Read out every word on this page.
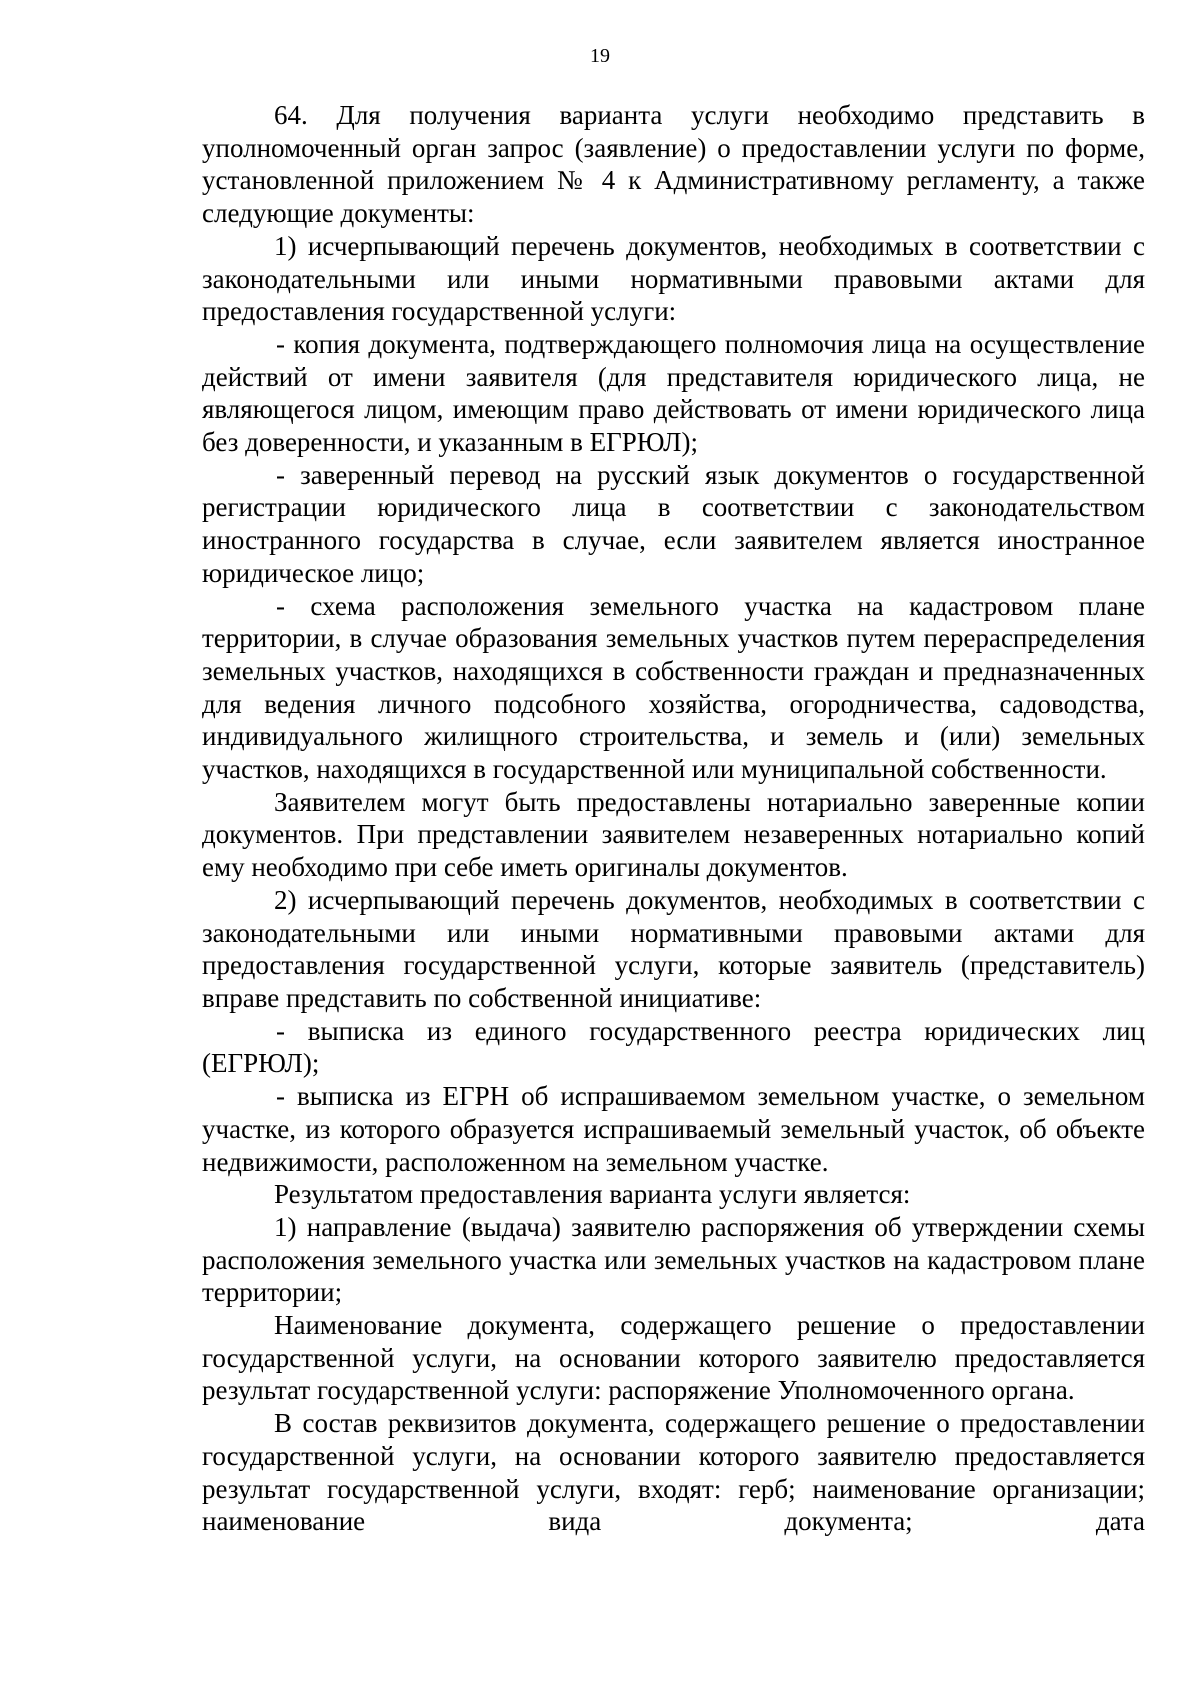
19

64. Для получения варианта услуги необходимо представить в уполномоченный орган запрос (заявление) о предоставлении услуги по форме, установленной приложением № 4 к Административному регламенту, а также следующие документы:

1) исчерпывающий перечень документов, необходимых в соответствии с законодательными или иными нормативными правовыми актами для предоставления государственной услуги:

- копия документа, подтверждающего полномочия лица на осуществление действий от имени заявителя (для представителя юридического лица, не являющегося лицом, имеющим право действовать от имени юридического лица без доверенности, и указанным в ЕГРЮЛ);

- заверенный перевод на русский язык документов о государственной регистрации юридического лица в соответствии с законодательством иностранного государства в случае, если заявителем является иностранное юридическое лицо;

- схема расположения земельного участка на кадастровом плане территории, в случае образования земельных участков путем перераспределения земельных участков, находящихся в собственности граждан и предназначенных для ведения личного подсобного хозяйства, огородничества, садоводства, индивидуального жилищного строительства, и земель и (или) земельных участков, находящихся в государственной или муниципальной собственности.

Заявителем могут быть предоставлены нотариально заверенные копии документов. При представлении заявителем незаверенных нотариально копий ему необходимо при себе иметь оригиналы документов.

2) исчерпывающий перечень документов, необходимых в соответствии с законодательными или иными нормативными правовыми актами для предоставления государственной услуги, которые заявитель (представитель) вправе представить по собственной инициативе:

- выписка из единого государственного реестра юридических лиц (ЕГРЮЛ);

- выписка из ЕГРН об испрашиваемом земельном участке, о земельном участке, из которого образуется испрашиваемый земельный участок, об объекте недвижимости, расположенном на земельном участке.

Результатом предоставления варианта услуги является:

1) направление (выдача) заявителю распоряжения об утверждении схемы расположения земельного участка или земельных участков на кадастровом плане территории;

Наименование документа, содержащего решение о предоставлении государственной услуги, на основании которого заявителю предоставляется результат государственной услуги: распоряжение Уполномоченного органа.

В состав реквизитов документа, содержащего решение о предоставлении государственной услуги, на основании которого заявителю предоставляется результат государственной услуги, входят: герб; наименование организации; наименование вида документа; дата
